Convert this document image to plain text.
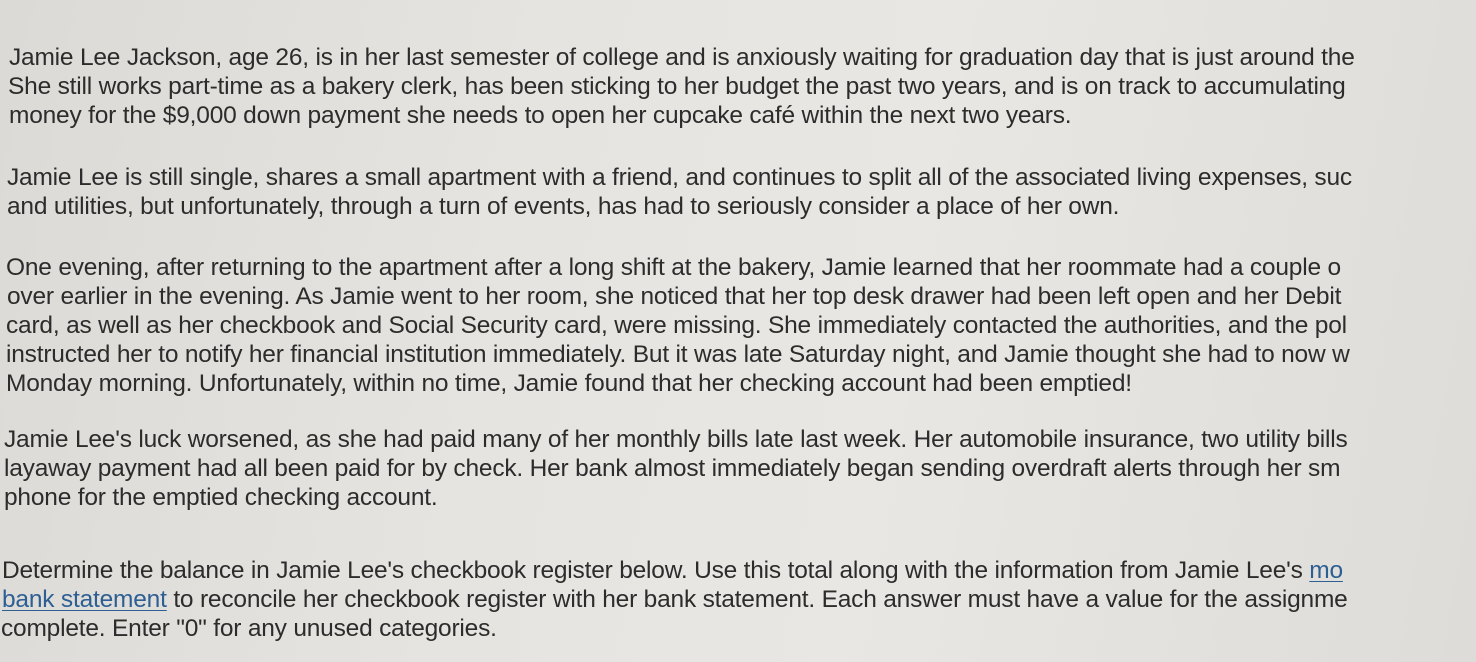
Jamie Lee Jackson, age 26, is in her last semester of college and is anxiously waiting for graduation day that is just around the
She still works part-time as a bakery clerk, has been sticking to her budget the past two years, and is on track to accumulating
money for the $9,000 down payment she needs to open her cupcake café within the next two years.
Jamie Lee is still single, shares a small apartment with a friend, and continues to split all of the associated living expenses, suc
and utilities, but unfortunately, through a turn of events, has had to seriously consider a place of her own.
One evening, after returning to the apartment after a long shift at the bakery, Jamie learned that her roommate had a couple o
over earlier in the evening. As Jamie went to her room, she noticed that her top desk drawer had been left open and her Debit
card, as well as her checkbook and Social Security card, were missing. She immediately contacted the authorities, and the pol
instructed her to notify her financial institution immediately. But it was late Saturday night, and Jamie thought she had to now w
Monday morning. Unfortunately, within no time, Jamie found that her checking account had been emptied!
Jamie Lee's luck worsened, as she had paid many of her monthly bills late last week. Her automobile insurance, two utility bills
layaway payment had all been paid for by check. Her bank almost immediately began sending overdraft alerts through her sm
phone for the emptied checking account.
Determine the balance in Jamie Lee's checkbook register below. Use this total along with the information from Jamie Lee's mo
bank statement to reconcile her checkbook register with her bank statement. Each answer must have a value for the assignme
complete. Enter "0" for any unused categories.
